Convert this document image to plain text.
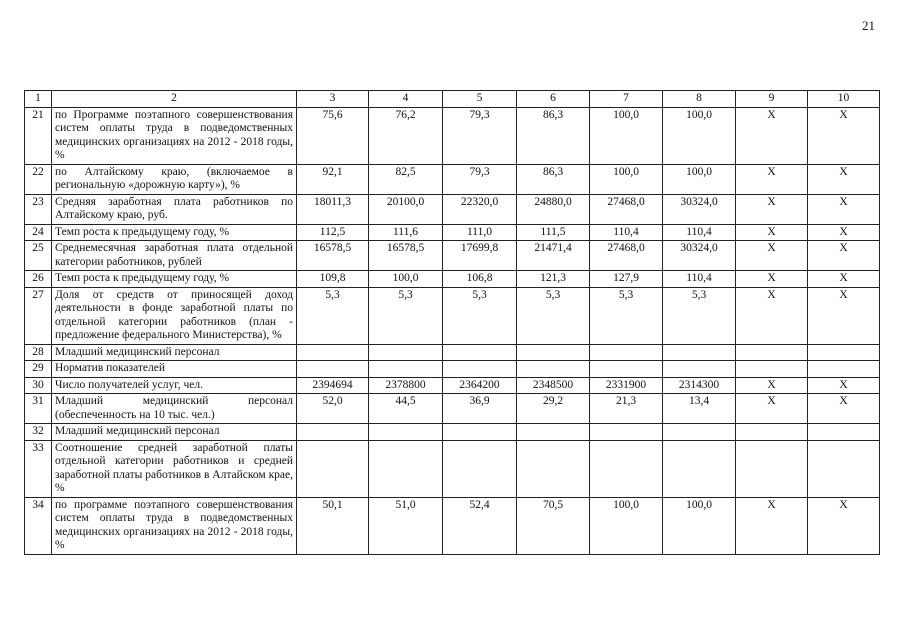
21
1	2	3	4	5	6	7	8	9	10
21	по Программе поэтапного совершенствования систем оплаты труда в подведомственных медицинских организациях на 2012 - 2018 годы, %	75,6	76,2	79,3	86,3	100,0	100,0	Х	Х
22	по Алтайскому краю, (включаемое в региональную «дорожную карту»), %	92,1	82,5	79,3	86,3	100,0	100,0	Х	Х
23	Средняя заработная плата работников по Алтайскому краю, руб.	18011,3	20100,0	22320,0	24880,0	27468,0	30324,0	Х	Х
24	Темп роста к предыдущему году, %	112,5	111,6	111,0	111,5	110,4	110,4	Х	Х
25	Среднемесячная заработная плата отдельной категории работников, рублей	16578,5	16578,5	17699,8	21471,4	27468,0	30324,0	Х	Х
26	Темп роста к предыдущему году, %	109,8	100,0	106,8	121,3	127,9	110,4	Х	Х
27	Доля от средств от приносящей доход деятельности в фонде заработной платы по отдельной категории работников (план - предложение федерального Министерства), %	5,3	5,3	5,3	5,3	5,3	5,3	Х	Х
28	Младший медицинский персонал								
29	Норматив показателей								
30	Число получателей услуг, чел.	2394694	2378800	2364200	2348500	2331900	2314300	Х	Х
31	Младший медицинский персонал (обеспеченность на 10 тыс. чел.)	52,0	44,5	36,9	29,2	21,3	13,4	Х	Х
32	Младший медицинский персонал								
33	Соотношение средней заработной платы отдельной категории работников и средней заработной платы работников в Алтайском крае, %								
34	по программе поэтапного совершенствования систем оплаты труда в подведомственных медицинских организациях на 2012 - 2018 годы, %	50,1	51,0	52,4	70,5	100,0	100,0	Х	Х
